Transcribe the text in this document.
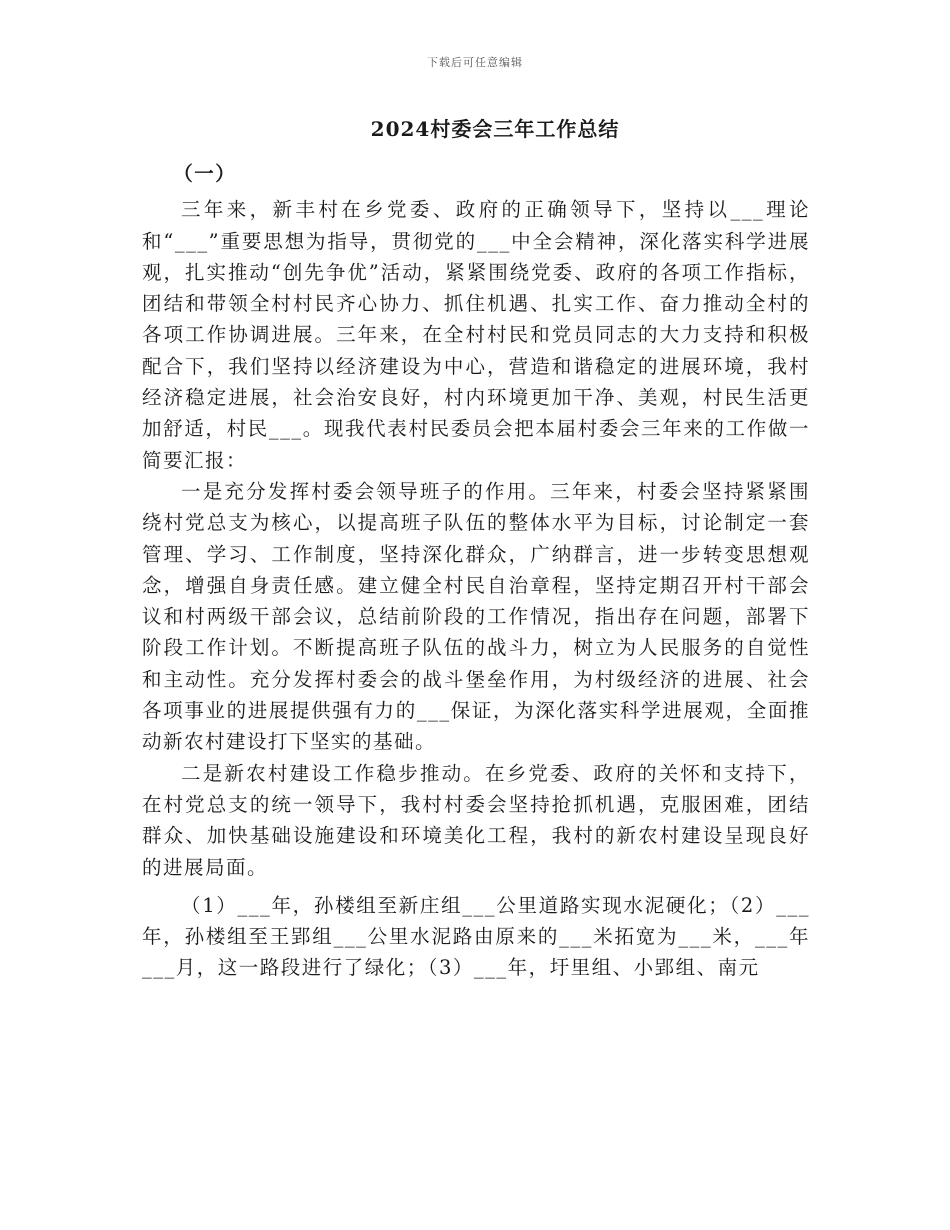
下载后可任意编辑
2024村委会三年工作总结

（一）

三年来，新丰村在乡党委、政府的正确领导下，坚持以___理论和“___”重要思想为指导，贯彻党的___中全会精神，深化落实科学进展观，扎实推动“创先争优”活动，紧紧围绕党委、政府的各项工作指标，团结和带领全村村民齐心协力、抓住机遇、扎实工作、奋力推动全村的各项工作协调进展。三年来，在全村村民和党员同志的大力支持和积极配合下，我们坚持以经济建设为中心，营造和谐稳定的进展环境，我村经济稳定进展，社会治安良好，村内环境更加干净、美观，村民生活更加舒适，村民___。现我代表村民委员会把本届村委会三年来的工作做一简要汇报：

一是充分发挥村委会领导班子的作用。三年来，村委会坚持紧紧围绕村党总支为核心，以提高班子队伍的整体水平为目标，讨论制定一套管理、学习、工作制度，坚持深化群众，广纳群言，进一步转变思想观念，增强自身责任感。建立健全村民自治章程，坚持定期召开村干部会议和村两级干部会议，总结前阶段的工作情况，指出存在问题，部署下阶段工作计划。不断提高班子队伍的战斗力，树立为人民服务的自觉性和主动性。充分发挥村委会的战斗堡垒作用，为村级经济的进展、社会各项事业的进展提供强有力的___保证，为深化落实科学进展观，全面推动新农村建设打下坚实的基础。

二是新农村建设工作稳步推动。在乡党委、政府的关怀和支持下，在村党总支的统一领导下，我村村委会坚持抢抓机遇，克服困难，团结群众、加快基础设施建设和环境美化工程，我村的新农村建设呈现良好的进展局面。

（1）___年，孙楼组至新庄组___公里道路实现水泥硬化；（2）___年，孙楼组至王郢组___公里水泥路由原来的___米拓宽为___米，___年___月，这一路段进行了绿化；（3）___年，圩里组、小郢组、南元
